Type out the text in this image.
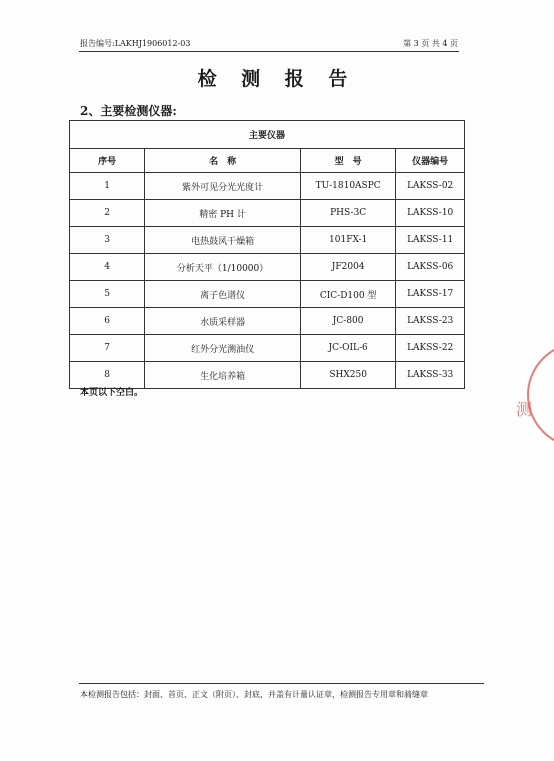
报告编号:LAKHJ1906012-03	第 3 页 共 4 页
检 测 报 告
2、主要检测仪器:
主要仪器			
序号	名　称	型　号	仪器编号
1	紫外可见分光光度计	TU-1810ASPC	LAKSS-02
2	精密 PH 计	PHS-3C	LAKSS-10
3	电热鼓风干燥箱	101FX-1	LAKSS-11
4	分析天平（1/10000）	JF2004	LAKSS-06
5	离子色谱仪	CIC-D100 型	LAKSS-17
6	水质采样器	JC-800	LAKSS-23
7	红外分光测油仪	JC-OIL-6	LAKSS-22
8	生化培养箱	SHX250	LAKSS-33
本页以下空白。
测
本检测报告包括：封面、首页、正文（附页）、封底，并盖有计量认证章，检测报告专用章和骑缝章
